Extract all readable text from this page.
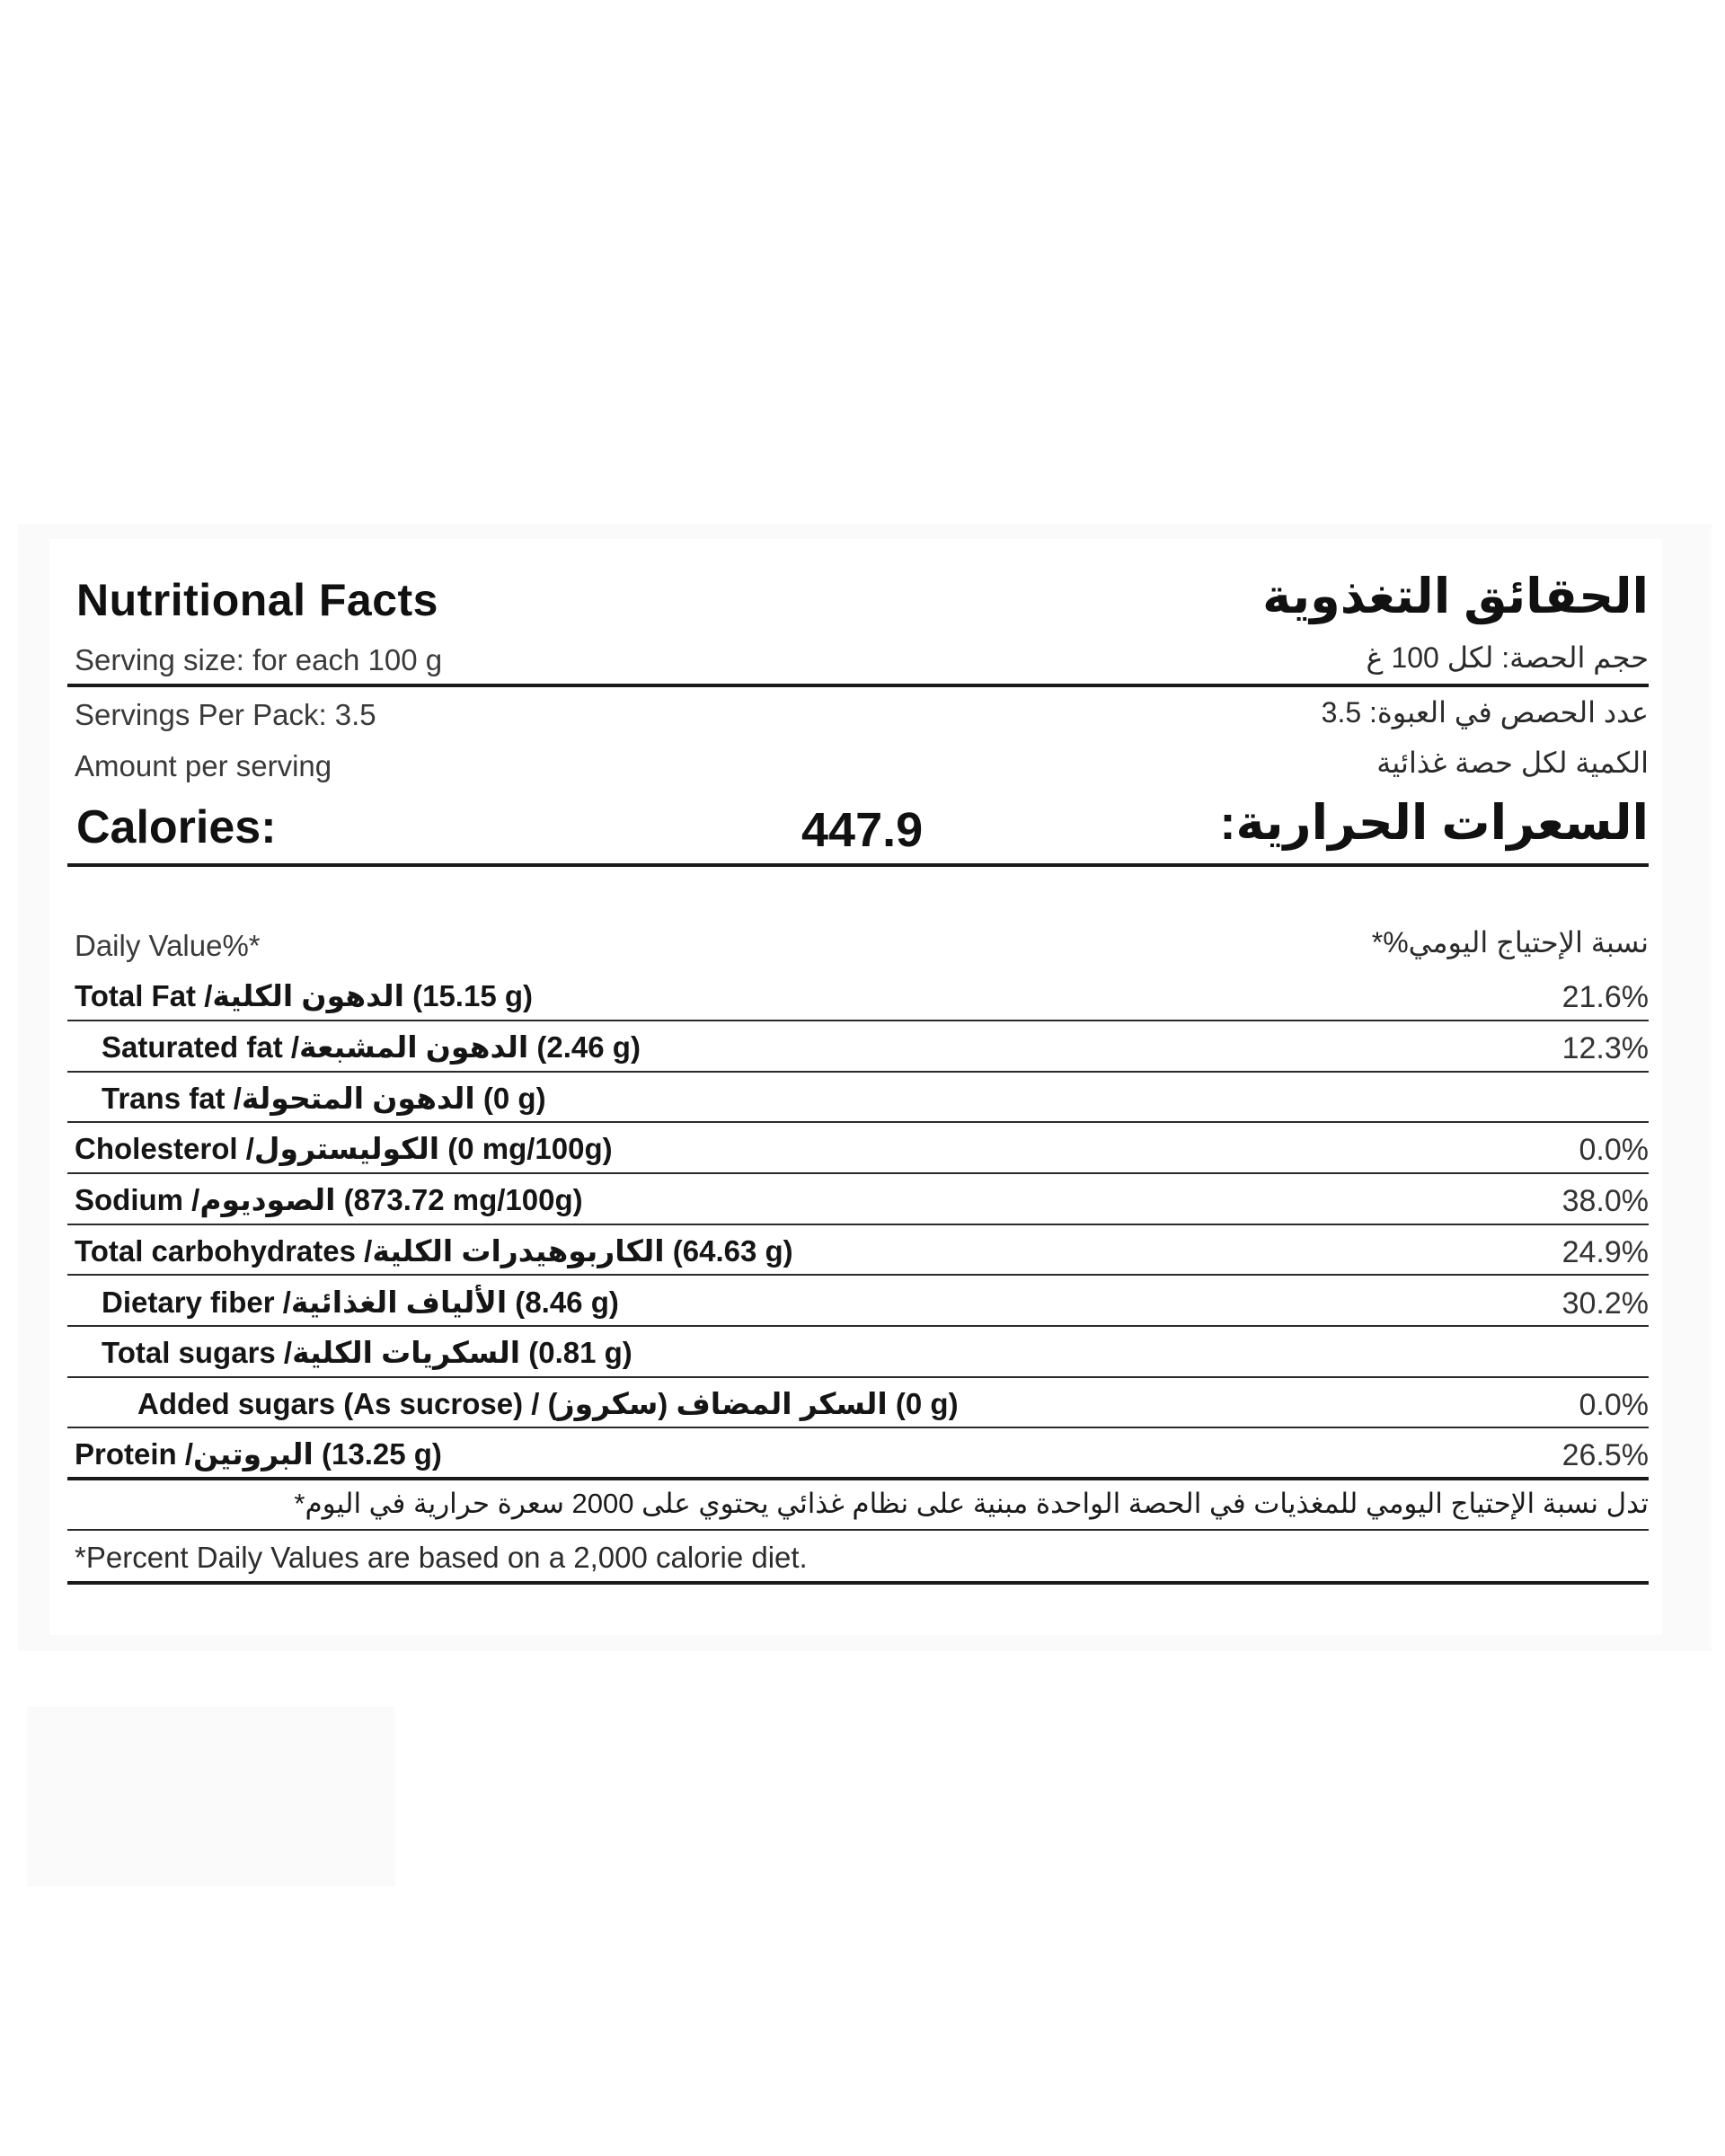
Nutritional Facts	الحقائق التغذوية
Serving size: for each 100 g	حجم الحصة: لكل 100 غ
Servings Per Pack: 3.5	عدد الحصص في العبوة: 3.5
Amount per serving	الكمية لكل حصة غذائية
Calories:	447.9	السعرات الحرارية:
Daily Value%*	نسبة الإحتياج اليومي%*
Total Fat /الدهون الكلية (15.15 g)	21.6%
Saturated fat /الدهون المشبعة (2.46 g)	12.3%
Trans fat /الدهون المتحولة (0 g)
Cholesterol /الكوليسترول (0 mg/100g)	0.0%
Sodium /الصوديوم (873.72 mg/100g)	38.0%
Total carbohydrates /الكاربوهيدرات الكلية (64.63 g)	24.9%
Dietary fiber /الألياف الغذائية (8.46 g)	30.2%
Total sugars /السكريات الكلية (0.81 g)
Added sugars (As sucrose) / (سكروز) السكر المضاف (0 g)	0.0%
Protein /البروتين (13.25 g)	26.5%
تدل نسبة الإحتياج اليومي للمغذيات في الحصة الواحدة مبنية على نظام غذائي يحتوي على 2000 سعرة حرارية في اليوم*
*Percent Daily Values are based on a 2,000 calorie diet.
